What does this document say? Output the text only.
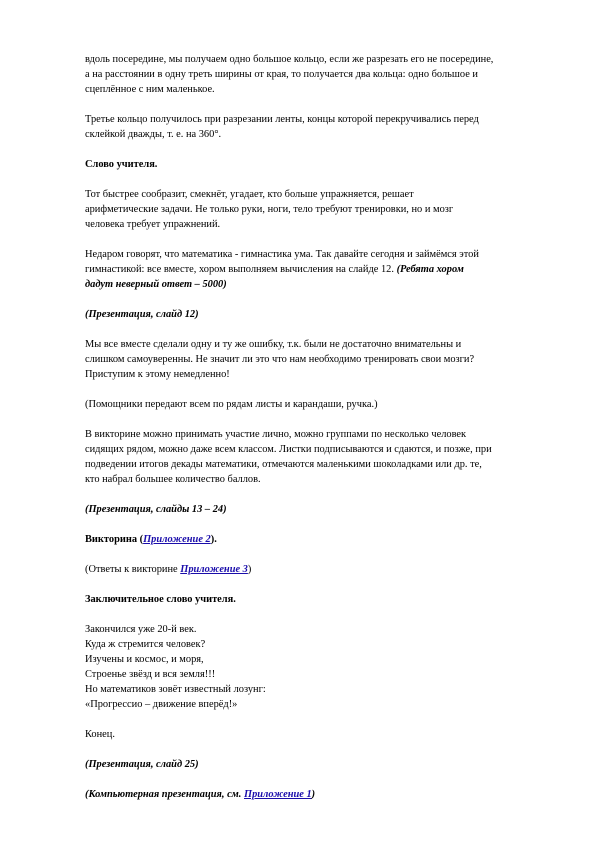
вдоль посередине, мы получаем одно большое кольцо, если же разрезать его не посередине,

а на расстоянии в одну треть ширины от края, то получается два кольца: одно большое и

сцеплённое с ним маленькое.

Третье кольцо получилось при разрезании ленты, концы которой перекручивались перед

склейкой дважды, т. е. на 360°.

Слово учителя.

Тот быстрее сообразит, смекнёт, угадает, кто больше упражняется, решает

арифметические задачи. Не только руки, ноги, тело требуют тренировки, но и мозг

человека требует упражнений.

Недаром говорят, что математика - гимнастика ума. Так давайте сегодня и займёмся этой

гимнастикой: все вместе, хором выполняем вычисления на слайде 12. (Ребята хором

дадут неверный ответ – 5000)

(Презентация, слайд 12)

Мы все вместе сделали одну и ту же ошибку, т.к. были не достаточно внимательны и

слишком самоуверенны. Не значит ли это что нам необходимо тренировать свои мозги?

Приступим к этому немедленно!

(Помощники передают всем по рядам листы и карандаши, ручка.)

В викторине можно принимать участие лично, можно группами по несколько человек

сидящих рядом, можно даже всем классом. Листки подписываются и сдаются, и позже, при

подведении итогов декады математики, отмечаются маленькими шоколадками или др. те,

кто набрал большее количество баллов.

(Презентация, слайды 13 – 24)

Викторина (Приложение 2).

(Ответы к викторине Приложение 3)

Заключительное слово учителя.

Закончился уже 20-й век.

Куда ж стремится человек?

Изучены и космос, и моря,

Строенье звёзд и вся земля!!!

Но математиков зовёт известный лозунг:

«Прогрессио – движение вперёд!»

Конец.

(Презентация, слайд 25)

(Компьютерная презентация, см. Приложение 1)
